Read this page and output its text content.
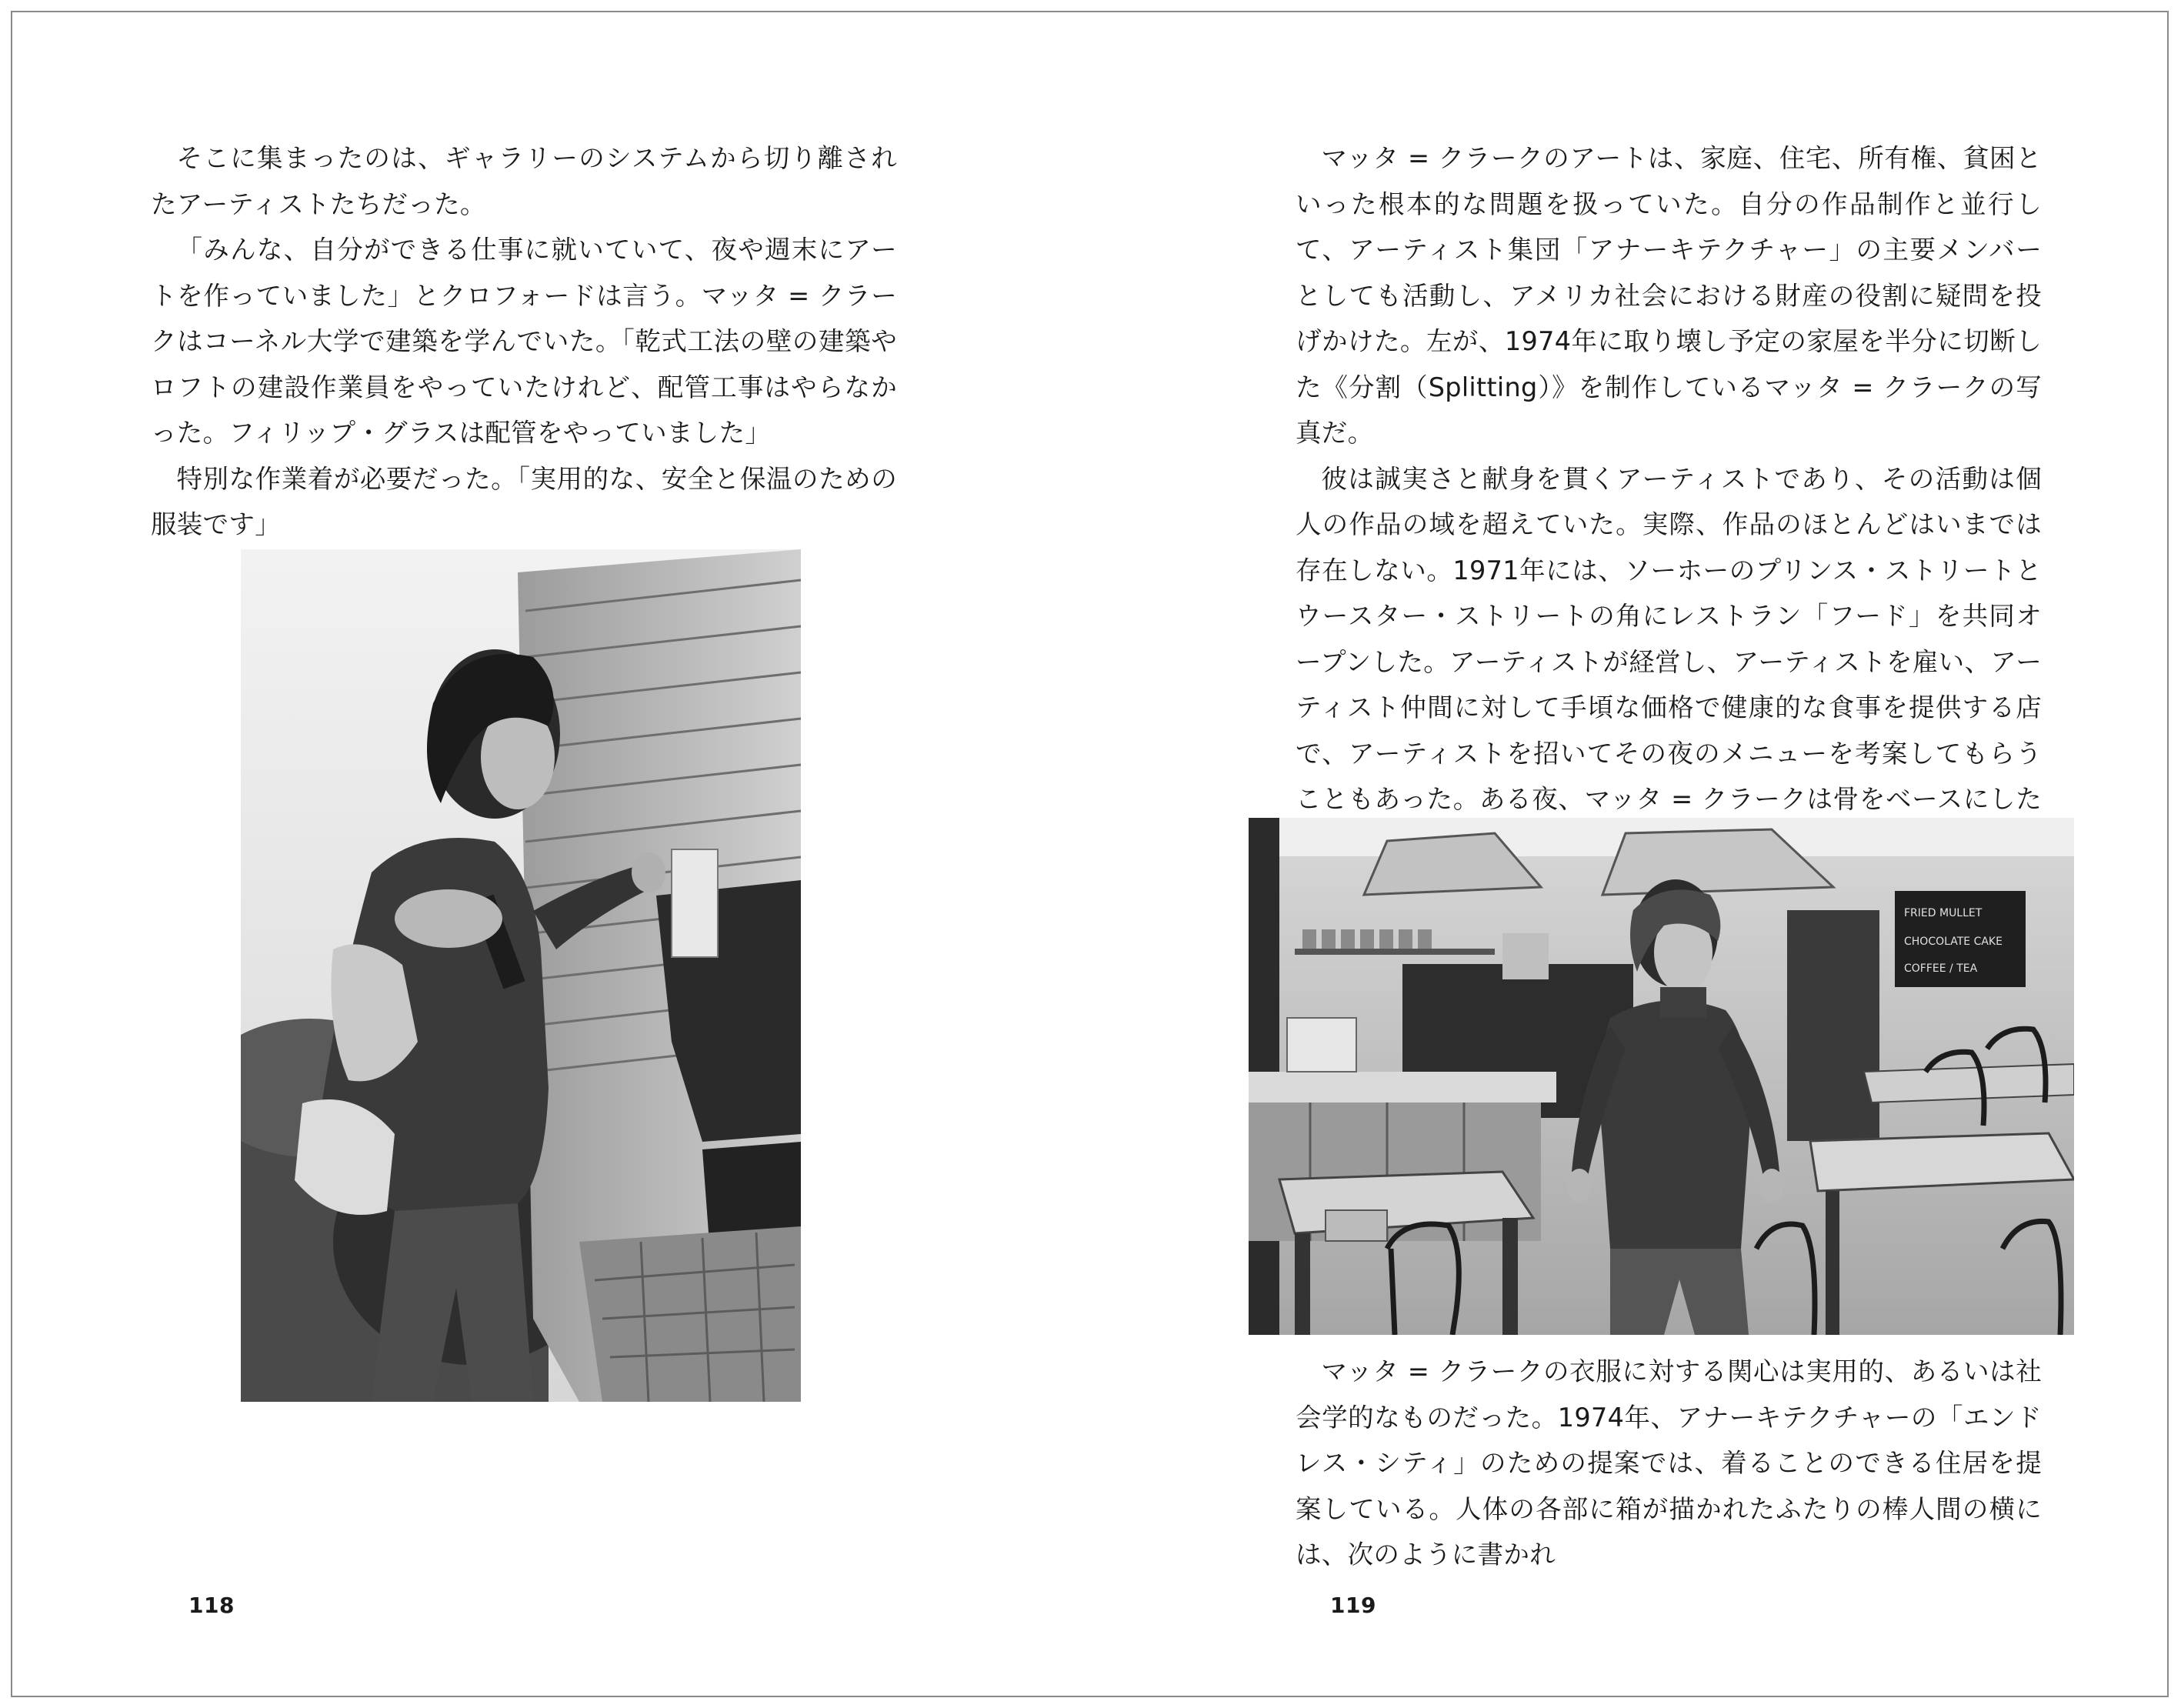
そこに集まったのは、ギャラリーのシステムから切り離されたアーティストたちだった。

「みんな、自分ができる仕事に就いていて、夜や週末にアートを作っていました」とクロフォードは言う。マッタ = クラークはコーネル大学で建築を学んでいた。「乾式工法の壁の建築やロフトの建設作業員をやっていたけれど、配管工事はやらなかった。フィリップ・グラスは配管をやっていました」

特別な作業着が必要だった。「実用的な、安全と保温のための服装です」

118

マッタ = クラークのアートは、家庭、住宅、所有権、貧困といった根本的な問題を扱っていた。自分の作品制作と並行して、アーティスト集団「アナーキテクチャー」の主要メンバーとしても活動し、アメリカ社会における財産の役割に疑問を投げかけた。左が、1974年に取り壊し予定の家屋を半分に切断した《分割（Splitting）》を制作しているマッタ = クラークの写真だ。

彼は誠実さと献身を貫くアーティストであり、その活動は個人の作品の域を超えていた。実際、作品のほとんどはいまでは存在しない。1971年には、ソーホーのプリンス・ストリートとウースター・ストリートの角にレストラン「フード」を共同オープンした。アーティストが経営し、アーティストを雇い、アーティスト仲間に対して手頃な価格で健康的な食事を提供する店で、アーティストを招いてその夜のメニューを考案してもらうこともあった。ある夜、マッタ = クラークは骨をベースにした

FRIED MULLET
CHOCOLATE CAKE
COFFEE / TEA

マッタ = クラークの衣服に対する関心は実用的、あるいは社会学的なものだった。1974年、アナーキテクチャーの「エンドレス・シティ」のための提案では、着ることのできる住居を提案している。人体の各部に箱が描かれたふたりの棒人間の横には、次のように書かれ

119
